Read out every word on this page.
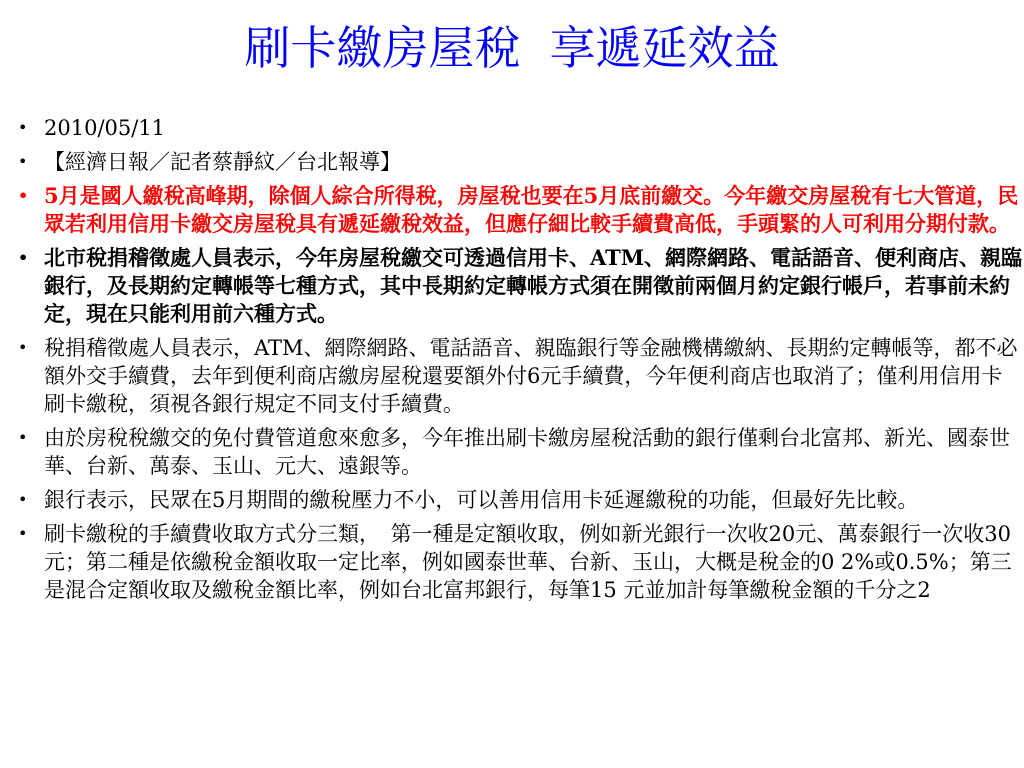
刷卡繳房屋稅  享遞延效益
• 2010/05/11
• 【經濟日報／記者蔡靜紋／台北報導】
• 5月是國人繳稅高峰期，除個人綜合所得稅，房屋稅也要在5月底前繳交。今年繳交房屋稅有七大管道，民眾若利用信用卡繳交房屋稅具有遞延繳稅效益，但應仔細比較手續費高低，手頭緊的人可利用分期付款。
• 北市稅捐稽徵處人員表示，今年房屋稅繳交可透過信用卡、ATM、網際網路、電話語音、便利商店、親臨銀行，及長期約定轉帳等七種方式，其中長期約定轉帳方式須在開徵前兩個月約定銀行帳戶，若事前未約定，現在只能利用前六種方式。
• 稅捐稽徵處人員表示，ATM、網際網路、電話語音、親臨銀行等金融機構繳納、長期約定轉帳等，都不必額外交手續費，去年到便利商店繳房屋稅還要額外付6元手續費，今年便利商店也取消了；僅利用信用卡刷卡繳稅，須視各銀行規定不同支付手續費。
• 由於房稅稅繳交的免付費管道愈來愈多，今年推出刷卡繳房屋稅活動的銀行僅剩台北富邦、新光、國泰世華、台新、萬泰、玉山、元大、遠銀等。
• 銀行表示，民眾在5月期間的繳稅壓力不小，可以善用信用卡延遲繳稅的功能，但最好先比較。
• 刷卡繳稅的手續費收取方式分三類，　第一種是定額收取，例如新光銀行一次收20元、萬泰銀行一次收30元；第二種是依繳稅金額收取一定比率，例如國泰世華、台新、玉山，大概是稅金的0 2%或0.5%；第三是混合定額收取及繳稅金額比率，例如台北富邦銀行，每筆15 元並加計每筆繳稅金額的千分之2
